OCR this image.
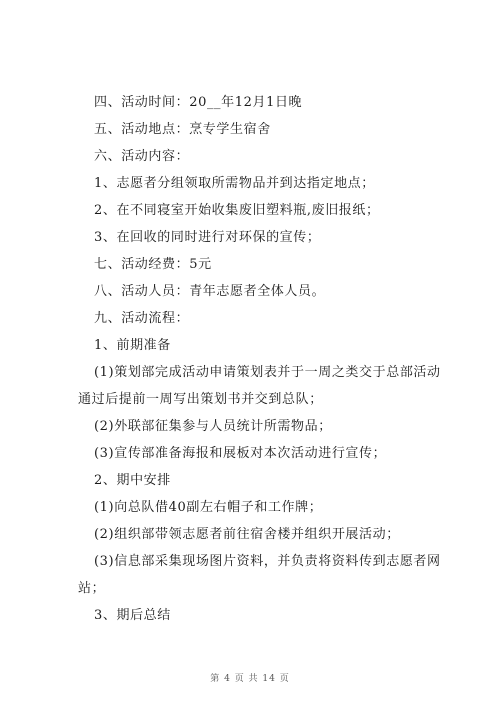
四、活动时间：20__年12月1日晚
五、活动地点：烹专学生宿舍
六、活动内容：
1、志愿者分组领取所需物品并到达指定地点；
2、在不同寝室开始收集废旧塑料瓶,废旧报纸；
3、在回收的同时进行对环保的宣传；
七、活动经费：5元
八、活动人员：青年志愿者全体人员。
九、活动流程：
1、前期准备
(1)策划部完成活动申请策划表并于一周之类交于总部活动
通过后提前一周写出策划书并交到总队；
(2)外联部征集参与人员统计所需物品；
(3)宣传部准备海报和展板对本次活动进行宣传；
2、期中安排
(1)向总队借40副左右帽子和工作牌；
(2)组织部带领志愿者前往宿舍楼并组织开展活动；
(3)信息部采集现场图片资料，并负责将资料传到志愿者网
站；
3、期后总结
第 4 页 共 14 页
